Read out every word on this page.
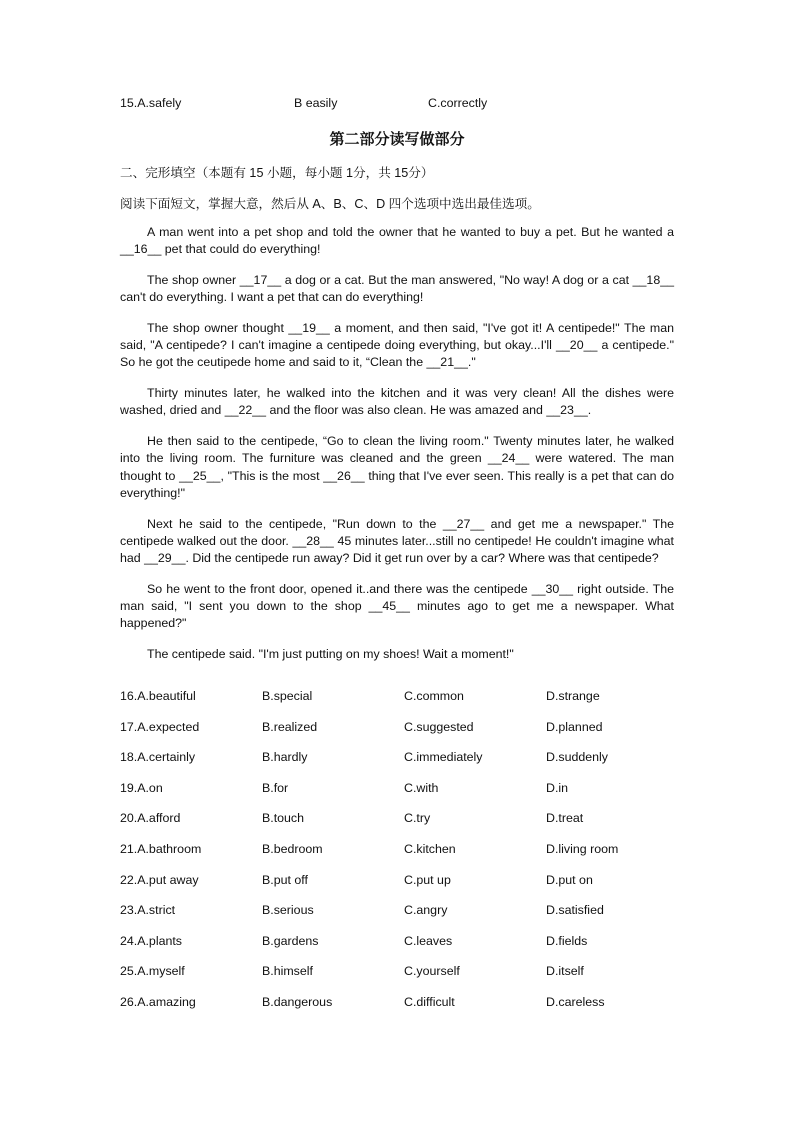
15.A.safely	B easily	C.correctly
第二部分读写做部分
二、完形填空（本题有 15 小题，每小题 1分，共 15分）
阅读下面短文，掌握大意，然后从 A、B、C、D 四个选项中选出最佳选项。

A man went into a pet shop and told the owner that he wanted to buy a pet. But he wanted a __16__ pet that could do everything!

The shop owner __17__ a dog or a cat. But the man answered, "No way! A dog or a cat __18__ can't do everything. I want a pet that can do everything!

The shop owner thought __19__ a moment, and then said, "I've got it! A centipede!" The man said, "A centipede? I can't imagine a centipede doing everything, but okay...I'll __20__ a centipede." So he got the ceutipede home and said to it, “Clean the __21__."

Thirty minutes later, he walked into the kitchen and it was very clean! All the dishes were washed, dried and __22__ and the floor was also clean. He was amazed and __23__.

He then said to the centipede, “Go to clean the living room." Twenty minutes later, he walked into the living room. The furniture was cleaned and the green __24__ were watered. The man thought to __25__, "This is the most __26__ thing that I've ever seen. This really is a pet that can do everything!"

Next he said to the centipede, "Run down to the __27__ and get me a newspaper." The centipede walked out the door. __28__ 45 minutes later...still no centipede! He couldn't imagine what had __29__. Did the centipede run away? Did it get run over by a car? Where was that centipede?

So he went to the front door, opened it..and there was the centipede __30__ right outside. The man said, "I sent you down to the shop __45__ minutes ago to get me a newspaper. What happened?"

The centipede said. "I'm just putting on my shoes! Wait a moment!"

16.A.beautiful	B.special	C.common	D.strange
17.A.expected	B.realized	C.suggested	D.planned
18.A.certainly	B.hardly	C.immediately	D.suddenly
19.A.on	B.for	C.with	D.in
20.A.afford	B.touch	C.try	D.treat
21.A.bathroom	B.bedroom	C.kitchen	D.living room
22.A.put away	B.put off	C.put up	D.put on
23.A.strict	B.serious	C.angry	D.satisfied
24.A.plants	B.gardens	C.leaves	D.fields
25.A.myself	B.himself	C.yourself	D.itself
26.A.amazing	B.dangerous	C.difficult	D.careless
